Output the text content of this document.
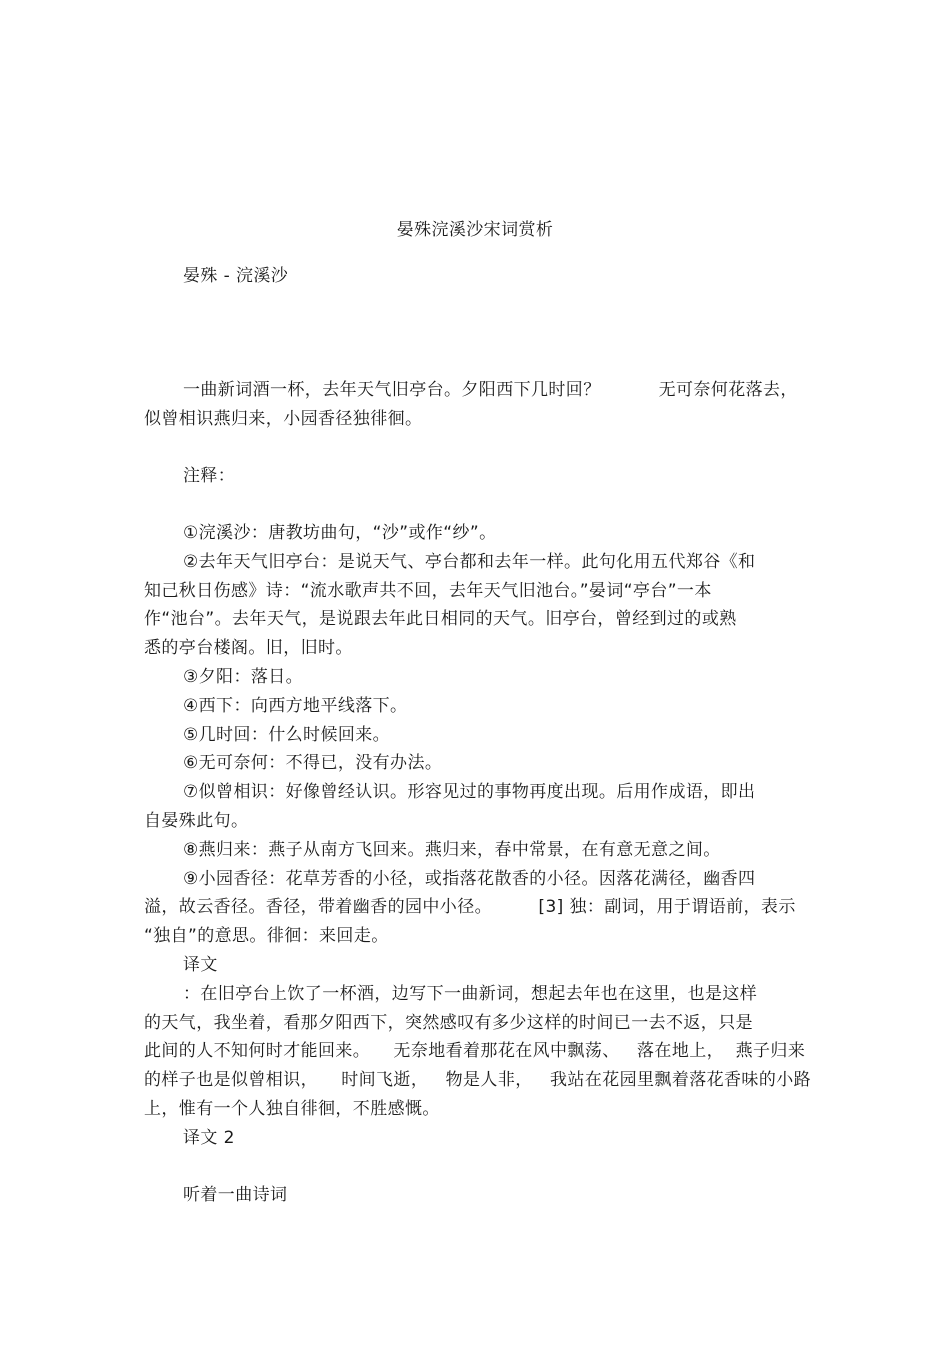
晏殊浣溪沙宋词赏析
晏殊 - 浣溪沙
一曲新词酒一杯，去年天气旧亭台。夕阳西下几时回？          无可奈何花落去，
似曾相识燕归来，小园香径独徘徊。
注释：
①浣溪沙：唐教坊曲句，“沙”或作“纱”。
②去年天气旧亭台：是说天气、亭台都和去年一样。此句化用五代郑谷《和
知己秋日伤感》诗：“流水歌声共不回，去年天气旧池台。”晏词“亭台”一本
作“池台”。去年天气，是说跟去年此日相同的天气。旧亭台，曾经到过的或熟
悉的亭台楼阁。旧，旧时。
③夕阳：落日。
④西下：向西方地平线落下。
⑤几时回：什么时候回来。
⑥无可奈何：不得已，没有办法。
⑦似曾相识：好像曾经认识。形容见过的事物再度出现。后用作成语，即出
自晏殊此句。
⑧燕归来：燕子从南方飞回来。燕归来，春中常景，在有意无意之间。
⑨小园香径：花草芳香的小径，或指落花散香的小径。因落花满径，幽香四
溢，故云香径。香径，带着幽香的园中小径。        [3] 独：副词，用于谓语前，表示
“独自”的意思。徘徊：来回走。
译文
：在旧亭台上饮了一杯酒，边写下一曲新词，想起去年也在这里，也是这样
的天气，我坐着，看那夕阳西下，突然感叹有多少这样的时间已一去不返，只是
此间的人不知何时才能回来。    无奈地看着那花在风中飘荡、   落在地上，  燕子归来
的样子也是似曾相识，    时间飞逝，   物是人非，   我站在花园里飘着落花香味的小路
上，惟有一个人独自徘徊，不胜感慨。
译文 2
听着一曲诗词
